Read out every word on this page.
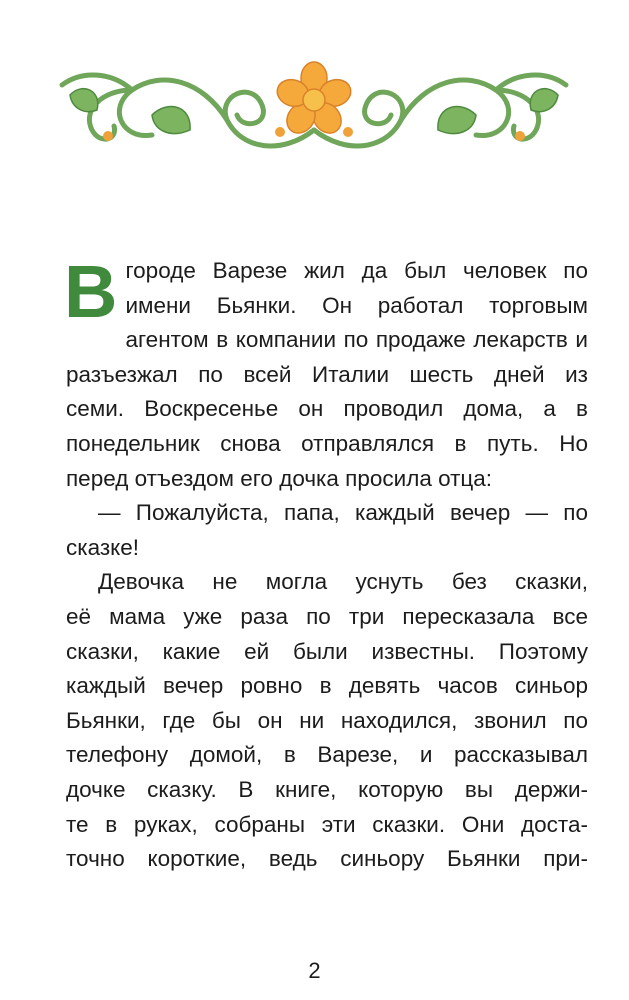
В городе Варезе жил да был человек по
имени Бьянки. Он работал торговым
агентом в компании по продаже лекарств и
разъезжал по всей Италии шесть дней из
семи. Воскресенье он проводил дома, а в
понедельник снова отправлялся в путь. Но
перед отъездом его дочка просила отца:
— Пожалуйста, папа, каждый вечер — по
сказке!
Девочка не могла уснуть без сказки,
её мама уже раза по три пересказала все
сказки, какие ей были известны. Поэтому
каждый вечер ровно в девять часов синьор
Бьянки, где бы он ни находился, звонил по
телефону домой, в Варезе, и рассказывал
дочке сказку. В книге, которую вы держи-
те в руках, собраны эти сказки. Они доста-
точно короткие, ведь синьору Бьянки при-
2
